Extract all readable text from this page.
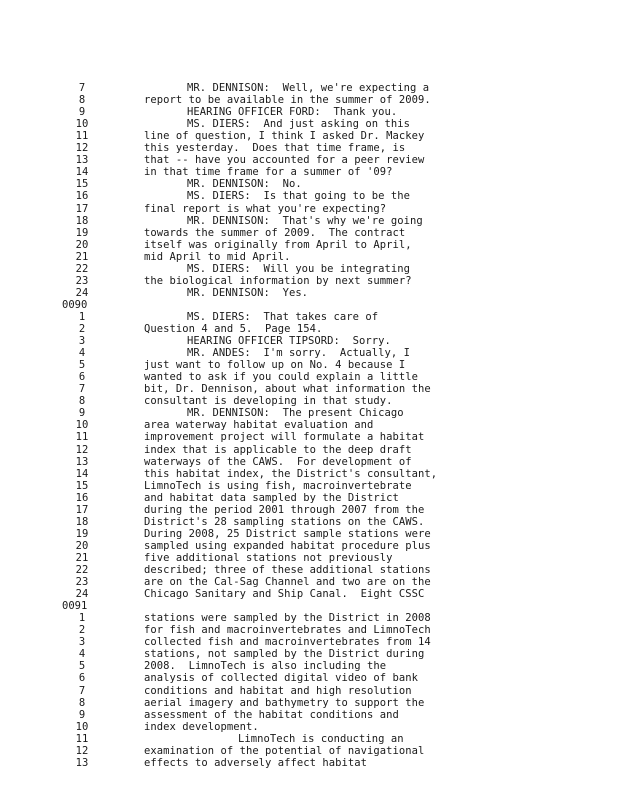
7	MR. DENNISON:  Well, we're expecting a
8	report to be available in the summer of 2009.
9	HEARING OFFICER FORD:  Thank you.
10	MS. DIERS:  And just asking on this
11	line of question, I think I asked Dr. Mackey
12	this yesterday.  Does that time frame, is
13	that -- have you accounted for a peer review
14	in that time frame for a summer of '09?
15	MR. DENNISON:  No.
16	MS. DIERS:  Is that going to be the
17	final report is what you're expecting?
18	MR. DENNISON:  That's why we're going
19	towards the summer of 2009.  The contract
20	itself was originally from April to April,
21	mid April to mid April.
22	MS. DIERS:  Will you be integrating
23	the biological information by next summer?
24	MR. DENNISON:  Yes.
0090
1	MS. DIERS:  That takes care of
2	Question 4 and 5.  Page 154.
3	HEARING OFFICER TIPSORD:  Sorry.
4	MR. ANDES:  I'm sorry.  Actually, I
5	just want to follow up on No. 4 because I
6	wanted to ask if you could explain a little
7	bit, Dr. Dennison, about what information the
8	consultant is developing in that study.
9	MR. DENNISON:  The present Chicago
10	area waterway habitat evaluation and
11	improvement project will formulate a habitat
12	index that is applicable to the deep draft
13	waterways of the CAWS.  For development of
14	this habitat index, the District's consultant,
15	LimnoTech is using fish, macroinvertebrate
16	and habitat data sampled by the District
17	during the period 2001 through 2007 from the
18	District's 28 sampling stations on the CAWS.
19	During 2008, 25 District sample stations were
20	sampled using expanded habitat procedure plus
21	five additional stations not previously
22	described; three of these additional stations
23	are on the Cal-Sag Channel and two are on the
24	Chicago Sanitary and Ship Canal.  Eight CSSC
0091
1	stations were sampled by the District in 2008
2	for fish and macroinvertebrates and LimnoTech
3	collected fish and macroinvertebrates from 14
4	stations, not sampled by the District during
5	2008.  LimnoTech is also including the
6	analysis of collected digital video of bank
7	conditions and habitat and high resolution
8	aerial imagery and bathymetry to support the
9	assessment of the habitat conditions and
10	index development.
11	LimnoTech is conducting an
12	examination of the potential of navigational
13	effects to adversely affect habitat
